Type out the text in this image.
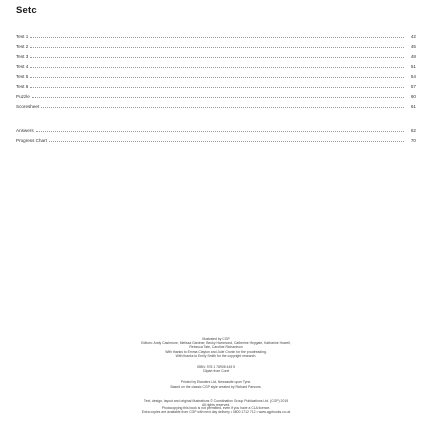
Setc
Test 1	42
Test 2	45
Test 3	48
Test 4	51
Test 5	54
Test 6	57
Puzzle	60
Scoresheet	61
Answers	62
Progress Chart	70

Illustrated by CGP

Editors: Andy Cashmore, Melissa Gardner, Becky Hammond, Catherine Heygate, Katharine Howell,

Rebecca Tate, Caroline Richardson

With thanks to Emma Clayton and Julie Cronin for the proofreading.

With thanks to Emily Smith for the copyright research.

ISBN: 978 1 78908 445 5

Clipart from Corel

Printed by Elanders Ltd, Newcastle upon Tyne.

Based on the classic CGP style created by Richard Parsons.

Text, design, layout and original illustrations © Coordination Group Publications Ltd. (CGP) 2019

All rights reserved.

Photocopying this book is not permitted, even if you have a CLA licence.

Extra copies are available from CGP with next day delivery • 0800 1712 712 • www.cgpbooks.co.uk
